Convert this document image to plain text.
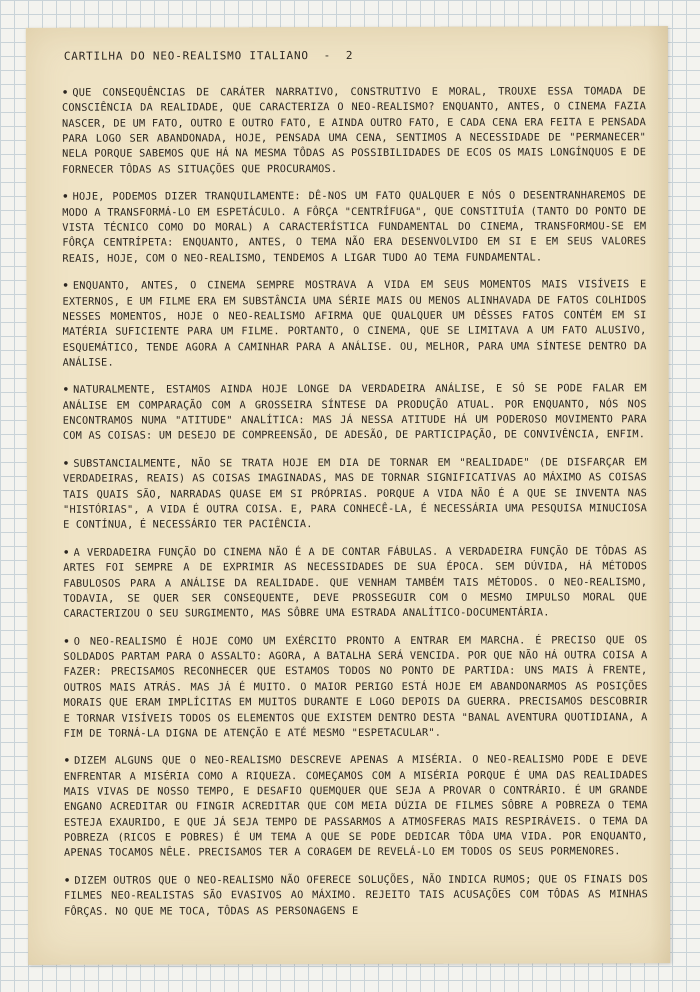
CARTILHA DO NEO-REALISMO ITALIANO  -  2

• QUE CONSEQUÊNCIAS DE CARÁTER NARRATIVO, CONSTRUTIVO E MORAL, TROUXE ESSA TOMADA DE CONSCIÊNCIA DA REALIDADE, QUE CARACTERIZA O NEO-REALISMO? ENQUANTO, ANTES, O CINEMA FAZIA NASCER, DE UM FATO, OUTRO E OUTRO FATO, E AINDA OUTRO FATO, E CADA CENA ERA FEITA E PENSADA PARA LOGO SER ABANDONADA, HOJE, PENSADA UMA CENA, SENTIMOS A NECESSIDADE DE "PERMANECER" NELA PORQUE SABEMOS QUE HÁ NA MESMA TÔDAS AS POSSIBILIDADES DE ECOS OS MAIS LONGÍNQUOS E DE FORNECER TÔDAS AS SITUAÇÕES QUE PROCURAMOS.

• HOJE, PODEMOS DIZER TRANQUILAMENTE: DÊ-NOS UM FATO QUALQUER E NÓS O DESENTRANHAREMOS DE MODO A TRANSFORMÁ-LO EM ESPETÁCULO. A FÔRÇA "CENTRÍFUGA", QUE CONSTITUÍA (TANTO DO PONTO DE VISTA TÉCNICO COMO DO MORAL) A CARACTERÍSTICA FUNDAMENTAL DO CINEMA, TRANSFORMOU-SE EM FÔRÇA CENTRÍPETA: ENQUANTO, ANTES, O TEMA NÃO ERA DESENVOLVIDO EM SI E EM SEUS VALORES REAIS, HOJE, COM O NEO-REALISMO, TENDEMOS A LIGAR TUDO AO TEMA FUNDAMENTAL.

• ENQUANTO, ANTES, O CINEMA SEMPRE MOSTRAVA A VIDA EM SEUS MOMENTOS MAIS VISÍVEIS E EXTERNOS, E UM FILME ERA EM SUBSTÂNCIA UMA SÉRIE MAIS OU MENOS ALINHAVADA DE FATOS COLHIDOS NESSES MOMENTOS, HOJE O NEO-REALISMO AFIRMA QUE QUALQUER UM DÊSSES FATOS CONTÉM EM SI MATÉRIA SUFICIENTE PARA UM FILME. PORTANTO, O CINEMA, QUE SE LIMITAVA A UM FATO ALUSIVO, ESQUEMÁTICO, TENDE AGORA A CAMINHAR PARA A ANÁLISE. OU, MELHOR, PARA UMA SÍNTESE DENTRO DA ANÁLISE.

• NATURALMENTE, ESTAMOS AINDA HOJE LONGE DA VERDADEIRA ANÁLISE, E SÓ SE PODE FALAR EM ANÁLISE EM COMPARAÇÃO COM A GROSSEIRA SÍNTESE DA PRODUÇÃO ATUAL. POR ENQUANTO, NÓS NOS ENCONTRAMOS NUMA "ATITUDE" ANALÍTICA: MAS JÁ NESSA ATITUDE HÁ UM PODEROSO MOVIMENTO PARA COM AS COISAS: UM DESEJO DE COMPREENSÃO, DE ADESÃO, DE PARTICIPAÇÃO, DE CONVIVÊNCIA, ENFIM.

• SUBSTANCIALMENTE, NÃO SE TRATA HOJE EM DIA DE TORNAR EM "REALIDADE" (DE DISFARÇAR EM VERDADEIRAS, REAIS) AS COISAS IMAGINADAS, MAS DE TORNAR SIGNIFICATIVAS AO MÁXIMO AS COISAS TAIS QUAIS SÃO, NARRADAS QUASE EM SI PRÓPRIAS. PORQUE A VIDA NÃO É A QUE SE INVENTA NAS "HISTÓRIAS", A VIDA É OUTRA COISA. E, PARA CONHECÊ-LA, É NECESSÁRIA UMA PESQUISA MINUCIOSA E CONTÍNUA, É NECESSÁRIO TER PACIÊNCIA.

• A VERDADEIRA FUNÇÃO DO CINEMA NÃO É A DE CONTAR FÁBULAS. A VERDADEIRA FUNÇÃO DE TÔDAS AS ARTES FOI SEMPRE A DE EXPRIMIR AS NECESSIDADES DE SUA ÉPOCA. SEM DÚVIDA, HÁ MÉTODOS FABULOSOS PARA A ANÁLISE DA REALIDADE. QUE VENHAM TAMBÉM TAIS MÉTODOS. O NEO-REALISMO, TODAVIA, SE QUER SER CONSEQUENTE, DEVE PROSSEGUIR COM O MESMO IMPULSO MORAL QUE CARACTERIZOU O SEU SURGIMENTO, MAS SÔBRE UMA ESTRADA ANALÍTICO-DOCUMENTÁRIA.

• O NEO-REALISMO É HOJE COMO UM EXÉRCITO PRONTO A ENTRAR EM MARCHA. É PRECISO QUE OS SOLDADOS PARTAM PARA O ASSALTO: AGORA, A BATALHA SERÁ VENCIDA. POR QUE NÃO HÁ OUTRA COISA A FAZER: PRECISAMOS RECONHECER QUE ESTAMOS TODOS NO PONTO DE PARTIDA: UNS MAIS À FRENTE, OUTROS MAIS ATRÁS. MAS JÁ É MUITO. O MAIOR PERIGO ESTÁ HOJE EM ABANDONARMOS AS POSIÇÕES MORAIS QUE ERAM IMPLÍCITAS EM MUITOS DURANTE E LOGO DEPOIS DA GUERRA. PRECISAMOS DESCOBRIR E TORNAR VISÍVEIS TODOS OS ELEMENTOS QUE EXISTEM DENTRO DESTA "BANAL AVENTURA QUOTIDIANA, A FIM DE TORNÁ-LA DIGNA DE ATENÇÃO E ATÉ MESMO "ESPETACULAR".

• DIZEM ALGUNS QUE O NEO-REALISMO DESCREVE APENAS A MISÉRIA. O NEO-REALISMO PODE E DEVE ENFRENTAR A MISÉRIA COMO A RIQUEZA. COMEÇAMOS COM A MISÉRIA PORQUE É UMA DAS REALIDADES MAIS VIVAS DE NOSSO TEMPO, E DESAFIO QUEMQUER QUE SEJA A PROVAR O CONTRÁRIO. É UM GRANDE ENGANO ACREDITAR OU FINGIR ACREDITAR QUE COM MEIA DÚZIA DE FILMES SÔBRE A POBREZA O TEMA ESTEJA EXAURIDO, E QUE JÁ SEJA TEMPO DE PASSARMOS A ATMOSFERAS MAIS RESPIRÁVEIS. O TEMA DA POBREZA (RICOS E POBRES) É UM TEMA A QUE SE PODE DEDICAR TÔDA UMA VIDA. POR ENQUANTO, APENAS TOCAMOS NÊLE. PRECISAMOS TER A CORAGEM DE REVELÁ-LO EM TODOS OS SEUS PORMENORES.

• DIZEM OUTROS QUE O NEO-REALISMO NÃO OFERECE SOLUÇÕES, NÃO INDICA RUMOS; QUE OS FINAIS DOS FILMES NEO-REALISTAS SÃO EVASIVOS AO MÁXIMO. REJEITO TAIS ACUSAÇÕES COM TÔDAS AS MINHAS FÔRÇAS. NO QUE ME TOCA, TÔDAS AS PERSONAGENS E
